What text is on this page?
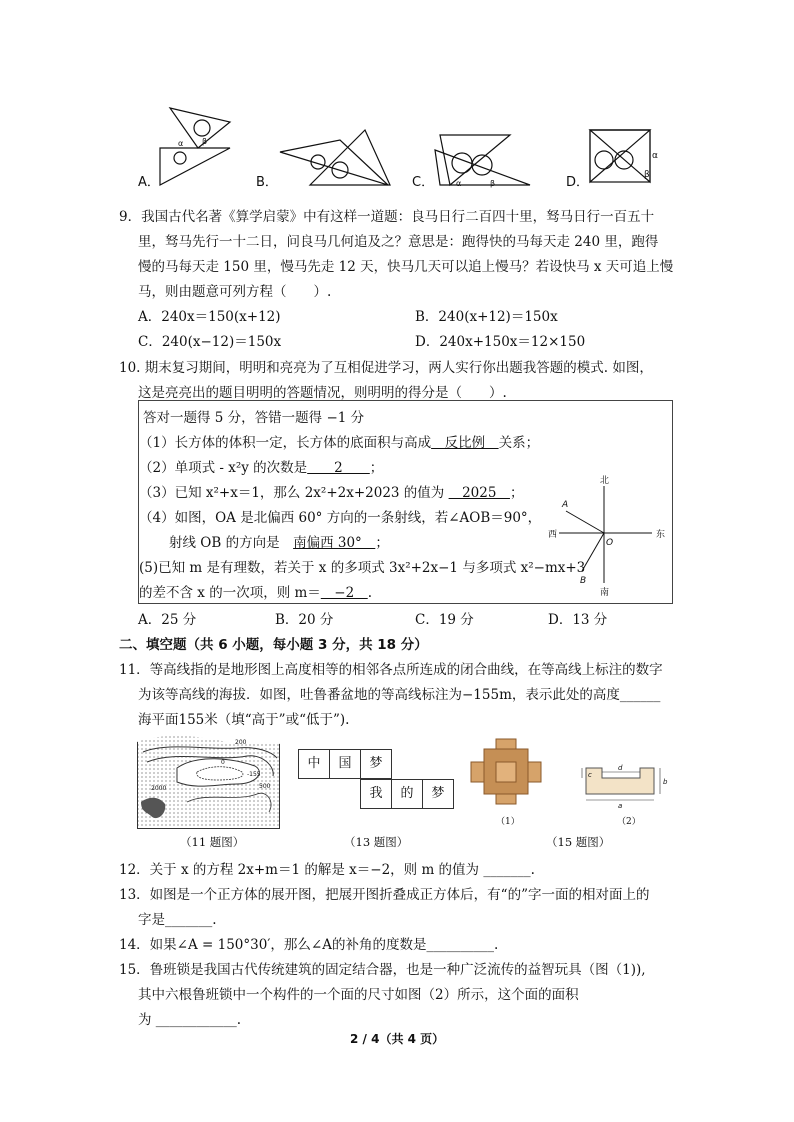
α β
A．	B．	α	β
C．
α
β
D．
9．我国古代名著《算学启蒙》中有这样一道题：良马日行二百四十里，驽马日行一百五十
里，驽马先行一十二日，问良马几何追及之？意思是：跑得快的马每天走 240 里，跑得
慢的马每天走 150 里，慢马先走 12 天，快马几天可以追上慢马？若设快马 x 天可追上慢
马，则由题意可列方程（　　）.
A．240x＝150(x+12)	B．240(x+12)＝150x
C．240(x−12)＝150x	D．240x+150x＝12×150
10. 期末复习期间，明明和亮亮为了互相促进学习，两人实行你出题我答题的模式. 如图，
这是亮亮出的题目明明的答题情况，则明明的得分是（　　）.
答对一题得 5 分，答错一题得 −1 分
（1）长方体的体积一定，长方体的底面积与高成　反比例　关系；
（2）单项式 - x²y 的次数是　　2　　；
（3）已知 x²+x＝1，那么 2x²+2x+2023 的值为 　2025　；
（4）如图，OA 是北偏西 60° 方向的一条射线，若∠AOB＝90°，
射线 OB 的方向是　南偏西 30°　；
(5)已知 m 是有理数，若关于 x 的多项式 3x²+2x−1 与多项式 x²−mx+3
的差不含 x 的一次项，则 m＝　−2　.
北
南
东
西
A
B
O
A．25 分	B．20 分	C．19 分	D．13 分
二、填空题（共 6 小题，每小题 3 分，共 18 分）
11．等高线指的是地形图上高度相等的相邻各点所连成的闭合曲线，在等高线上标注的数字
为该等高线的海拔．如图，吐鲁番盆地的等高线标注为−155m，表示此处的高度______
海平面155米（填“高于”或“低于”).
200
0
-155
500
2000
（11 题图）
中	国	梦
我	的	梦
（13 题图）
（1）
c
d
a
b
（2）
（15 题图）
12．关于 x 的方程 2x+m＝1 的解是 x＝−2，则 m 的值为 _______.
13．如图是一个正方体的展开图，把展开图折叠成正方体后，有“的”字一面的相对面上的
字是_______.
14．如果∠A = 150°30′，那么∠A的补角的度数是__________.
15．鲁班锁是我国古代传统建筑的固定结合器，也是一种广泛流传的益智玩具（图（1)),
其中六根鲁班锁中一个构件的一个面的尺寸如图（2）所示，这个面的面积
为 ____________.
2 / 4（共 4 页）
